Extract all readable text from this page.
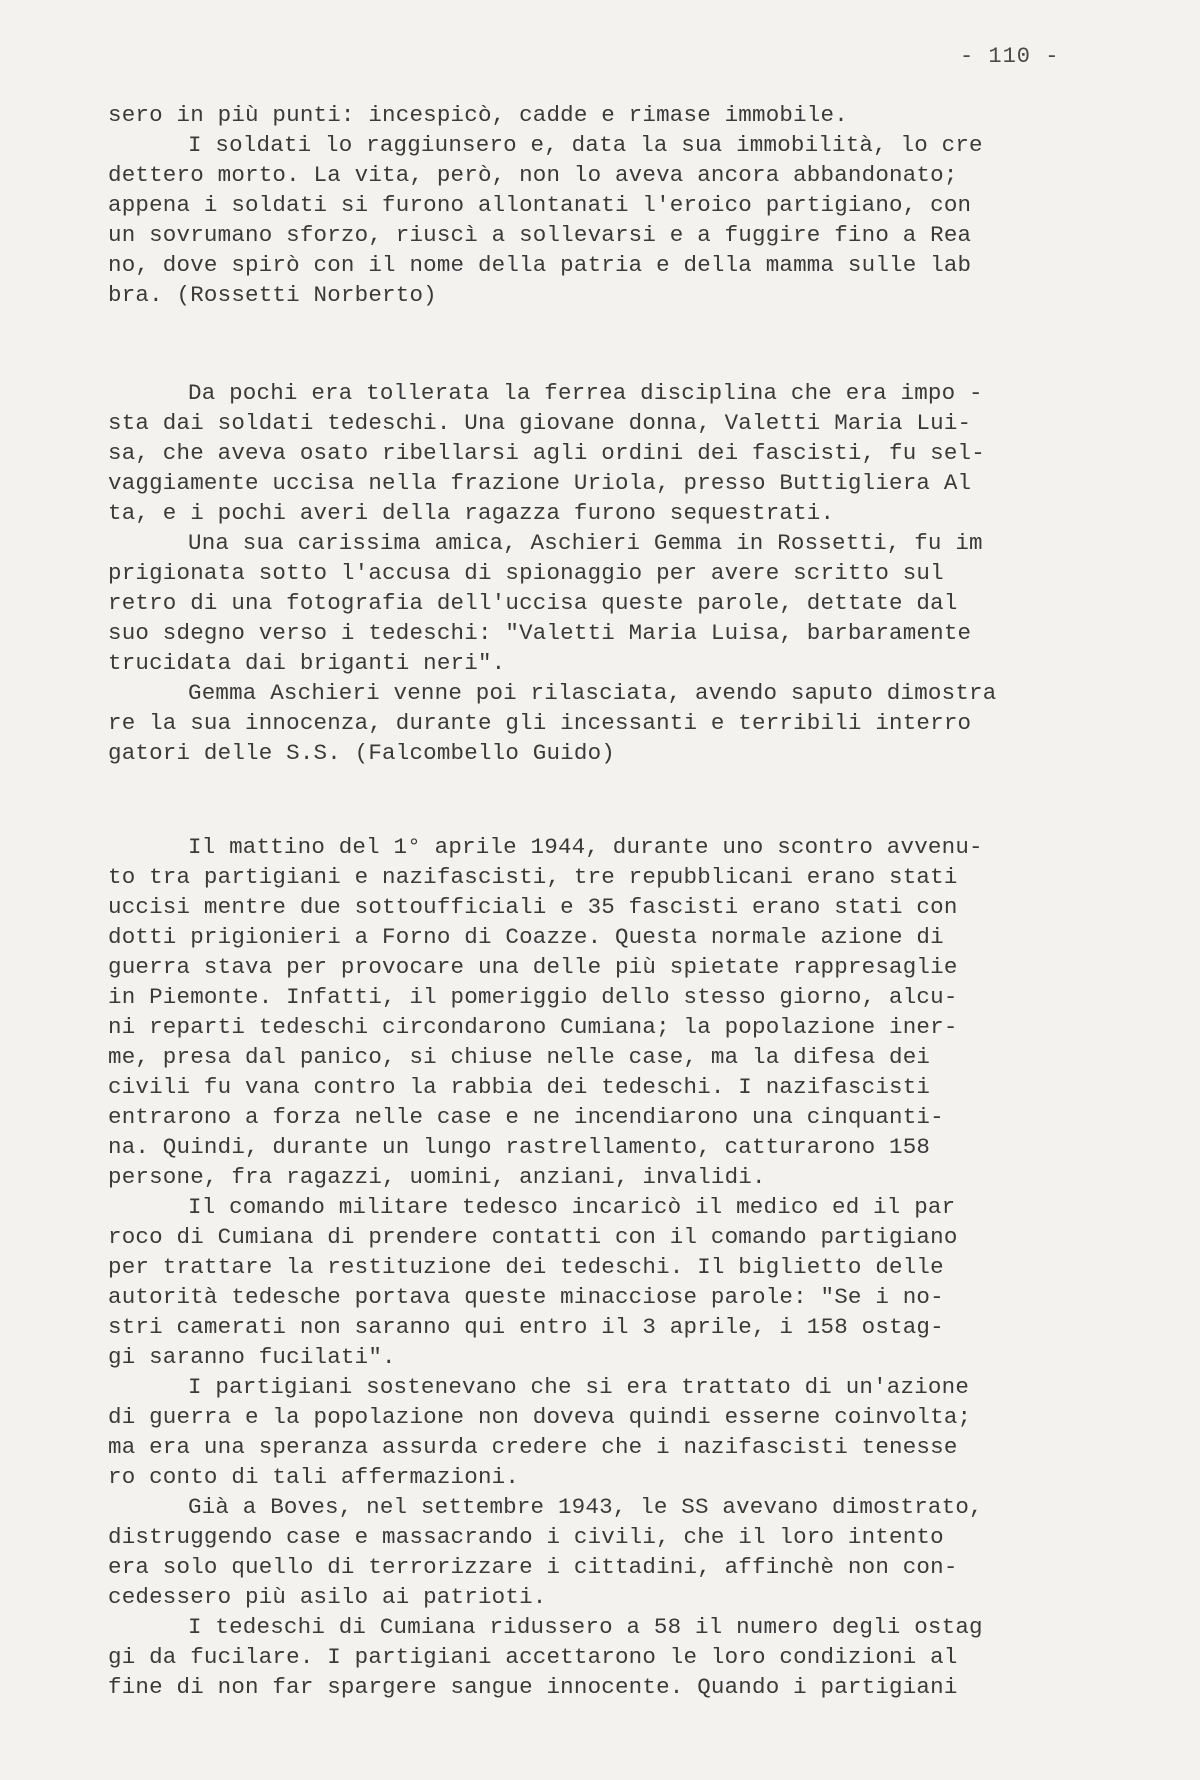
- 110 -
sero in più punti: incespicò, cadde e rimase immobile.
I soldati lo raggiunsero e, data la sua immobilità, lo cre
dettero morto. La vita, però, non lo aveva ancora abbandonato;
appena i soldati si furono allontanati l'eroico partigiano, con
un sovrumano sforzo, riuscì a sollevarsi e a fuggire fino a Rea
no, dove spirò con il nome della patria e della mamma sulle lab
bra. (Rossetti Norberto)
Da pochi era tollerata la ferrea disciplina che era impo -
sta dai soldati tedeschi. Una giovane donna, Valetti Maria Lui-
sa, che aveva osato ribellarsi agli ordini dei fascisti, fu sel-
vaggiamente uccisa nella frazione Uriola, presso Buttigliera Al
ta, e i pochi averi della ragazza furono sequestrati.
Una sua carissima amica, Aschieri Gemma in Rossetti, fu im
prigionata sotto l'accusa di spionaggio per avere scritto sul
retro di una fotografia dell'uccisa queste parole, dettate dal
suo sdegno verso i tedeschi: "Valetti Maria Luisa, barbaramente
trucidata dai briganti neri".
Gemma Aschieri venne poi rilasciata, avendo saputo dimostra
re la sua innocenza, durante gli incessanti e terribili interro
gatori delle S.S. (Falcombello Guido)
Il mattino del 1° aprile 1944, durante uno scontro avvenu-
to tra partigiani e nazifascisti, tre repubblicani erano stati
uccisi mentre due sottoufficiali e 35 fascisti erano stati con
dotti prigionieri a Forno di Coazze. Questa normale azione di
guerra stava per provocare una delle più spietate rappresaglie
in Piemonte. Infatti, il pomeriggio dello stesso giorno, alcu-
ni reparti tedeschi circondarono Cumiana; la popolazione iner-
me, presa dal panico, si chiuse nelle case, ma la difesa dei
civili fu vana contro la rabbia dei tedeschi. I nazifascisti
entrarono a forza nelle case e ne incendiarono una cinquanti-
na. Quindi, durante un lungo rastrellamento, catturarono 158
persone, fra ragazzi, uomini, anziani, invalidi.
Il comando militare tedesco incaricò il medico ed il par
roco di Cumiana di prendere contatti con il comando partigiano
per trattare la restituzione dei tedeschi. Il biglietto delle
autorità tedesche portava queste minacciose parole: "Se i no-
stri camerati non saranno qui entro il 3 aprile, i 158 ostag-
gi saranno fucilati".
I partigiani sostenevano che si era trattato di un'azione
di guerra e la popolazione non doveva quindi esserne coinvolta;
ma era una speranza assurda credere che i nazifascisti tenesse
ro conto di tali affermazioni.
Già a Boves, nel settembre 1943, le SS avevano dimostrato,
distruggendo case e massacrando i civili, che il loro intento
era solo quello di terrorizzare i cittadini, affinchè non con-
cedessero più asilo ai patrioti.
I tedeschi di Cumiana ridussero a 58 il numero degli ostag
gi da fucilare. I partigiani accettarono le loro condizioni al
fine di non far spargere sangue innocente. Quando i partigiani
